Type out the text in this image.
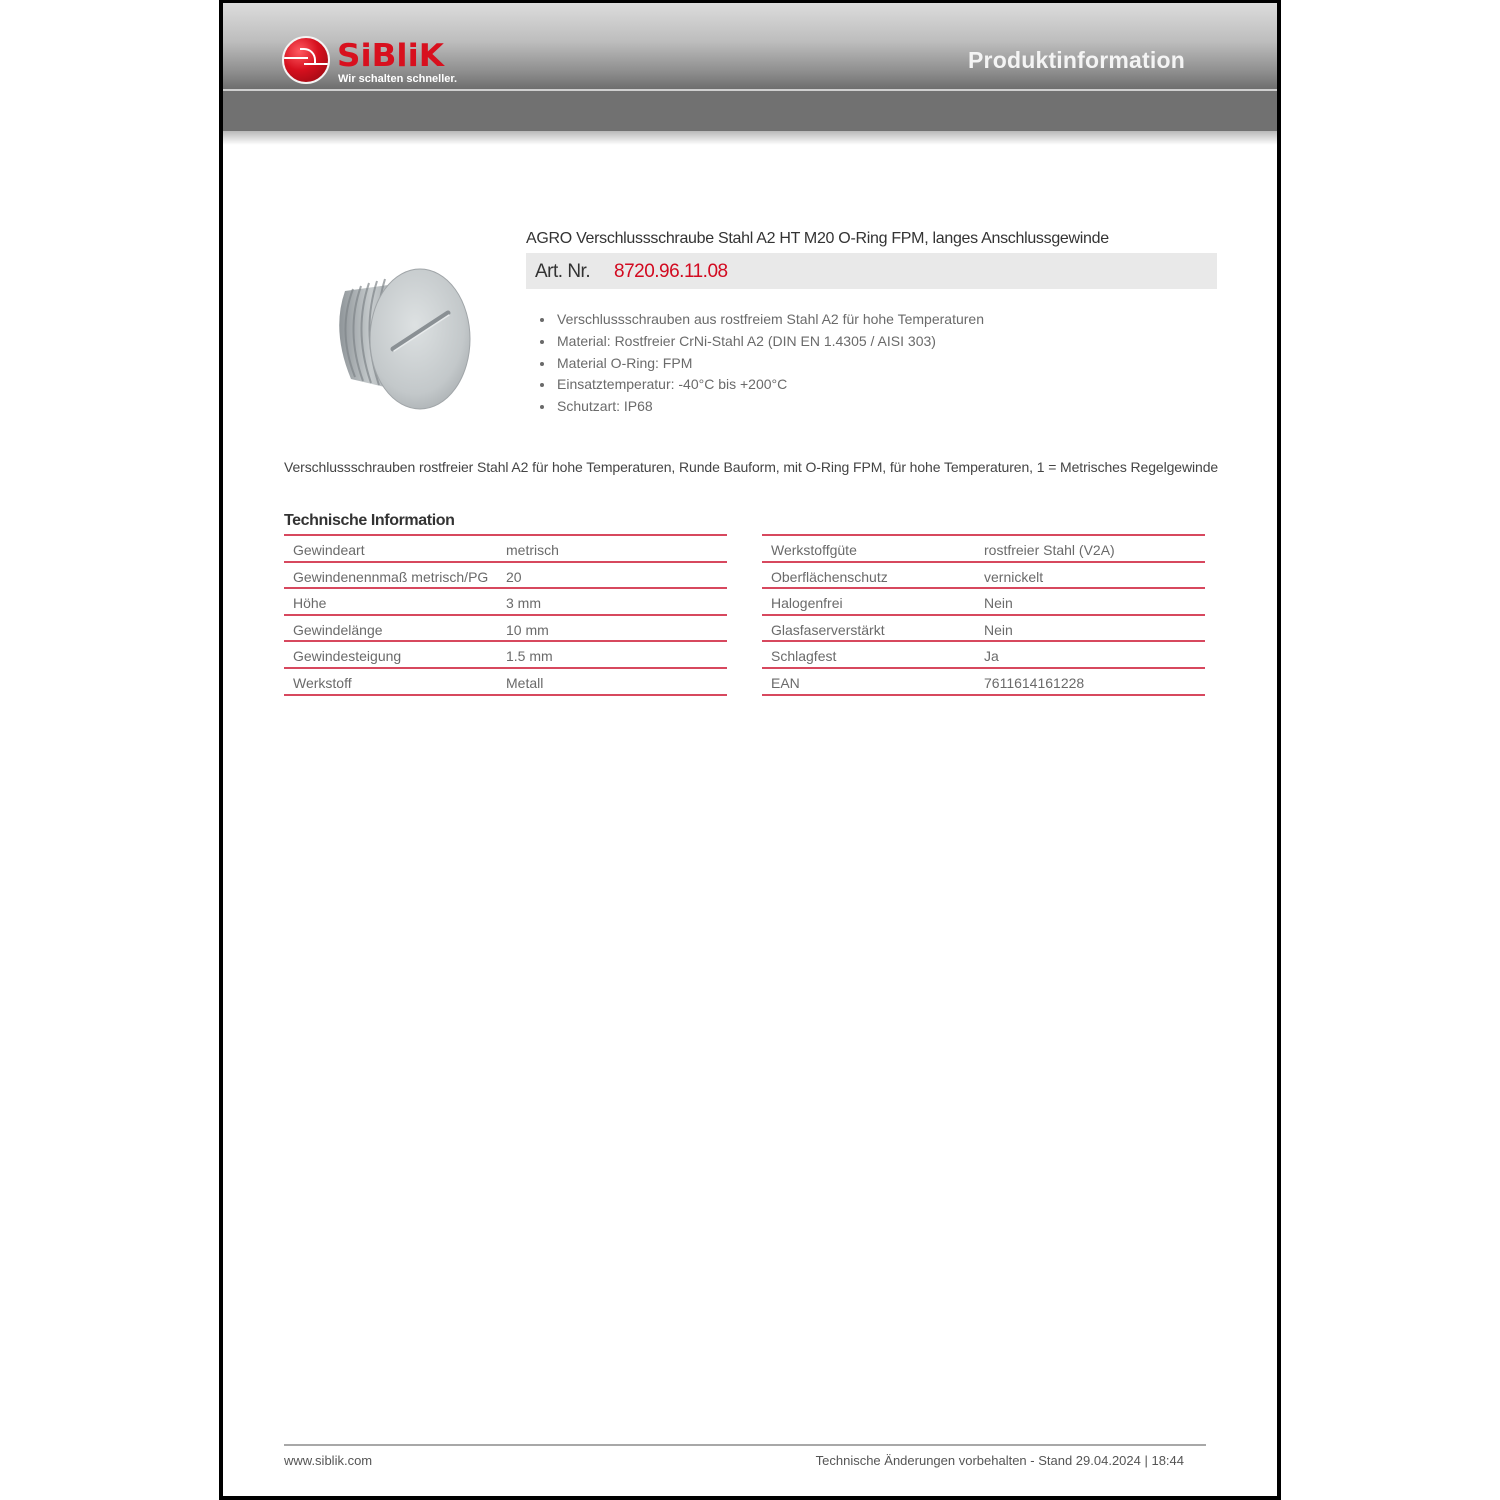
SiBliK
Wir schalten schneller.
Produktinformation
AGRO Verschlussschraube Stahl A2 HT M20 O-Ring FPM, langes Anschlussgewinde
Art. Nr. 8720.96.11.08
Verschlussschrauben aus rostfreiem Stahl A2 für hohe Temperaturen
Material: Rostfreier CrNi-Stahl A2 (DIN EN 1.4305 / AISI 303)
Material O-Ring: FPM
Einsatztemperatur: -40°C bis +200°C
Schutzart: IP68
Verschlussschrauben rostfreier Stahl A2 für hohe Temperaturen, Runde Bauform, mit O-Ring FPM, für hohe Temperaturen, 1 = Metrisches Regelgewinde
Technische Information
Gewindeart	metrisch
Gewindenennmaß metrisch/PG 20
Höhe	3 mm
Gewindelänge	10 mm
Gewindesteigung	1.5 mm
Werkstoff	Metall
Werkstoffgüte	rostfreier Stahl (V2A)
Oberflächenschutz	vernickelt
Halogenfrei	Nein
Glasfaserverstärkt	Nein
Schlagfest	Ja
EAN	7611614161228
www.siblik.com	Technische Änderungen vorbehalten - Stand 29.04.2024 | 18:44
